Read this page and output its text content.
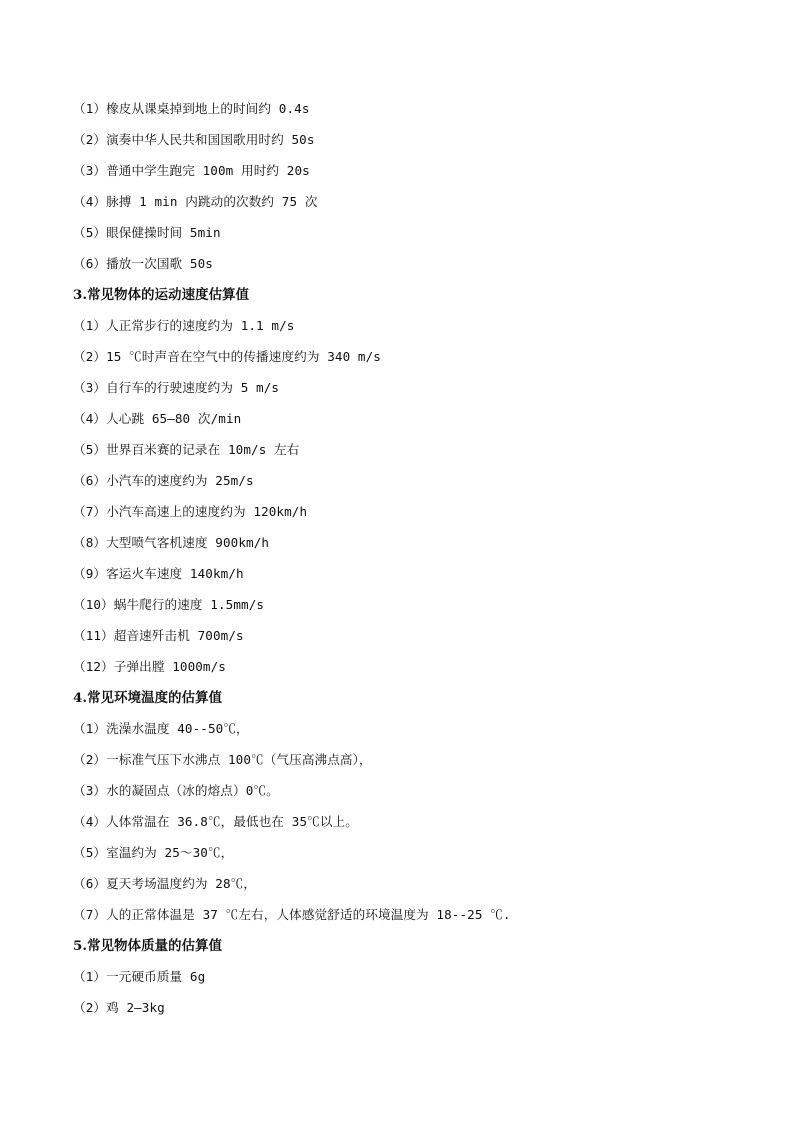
（1）橡皮从课桌掉到地上的时间约 0.4s
（2）演奏中华人民共和国国歌用时约 50s
（3）普通中学生跑完 100m 用时约 20s
（4）脉搏 1 min 内跳动的次数约 75 次
（5）眼保健操时间 5min
（6）播放一次国歌 50s
3.常见物体的运动速度估算值
（1）人正常步行的速度约为 1.1 m/s
（2）15 ℃时声音在空气中的传播速度约为 340 m/s
（3）自行车的行驶速度约为 5 m/s
（4）人心跳 65—80 次/min
（5）世界百米赛的记录在 10m/s 左右
（6）小汽车的速度约为 25m/s
（7）小汽车高速上的速度约为 120km/h
（8）大型喷气客机速度 900km/h
（9）客运火车速度 140km/h
（10）蜗牛爬行的速度 1.5mm/s
（11）超音速歼击机 700m/s
（12）子弹出膛 1000m/s
4.常见环境温度的估算值
（1）洗澡水温度 40--50℃，
（2）一标准气压下水沸点 100℃（气压高沸点高），
（3）水的凝固点（冰的熔点）0℃。
（4）人体常温在 36.8℃，最低也在 35℃以上。
（5）室温约为 25～30℃，
（6）夏天考场温度约为 28℃，
（7）人的正常体温是 37 ℃左右，人体感觉舒适的环境温度为 18--25 ℃.
5.常见物体质量的估算值
（1）一元硬币质量 6g
（2）鸡 2—3kg
